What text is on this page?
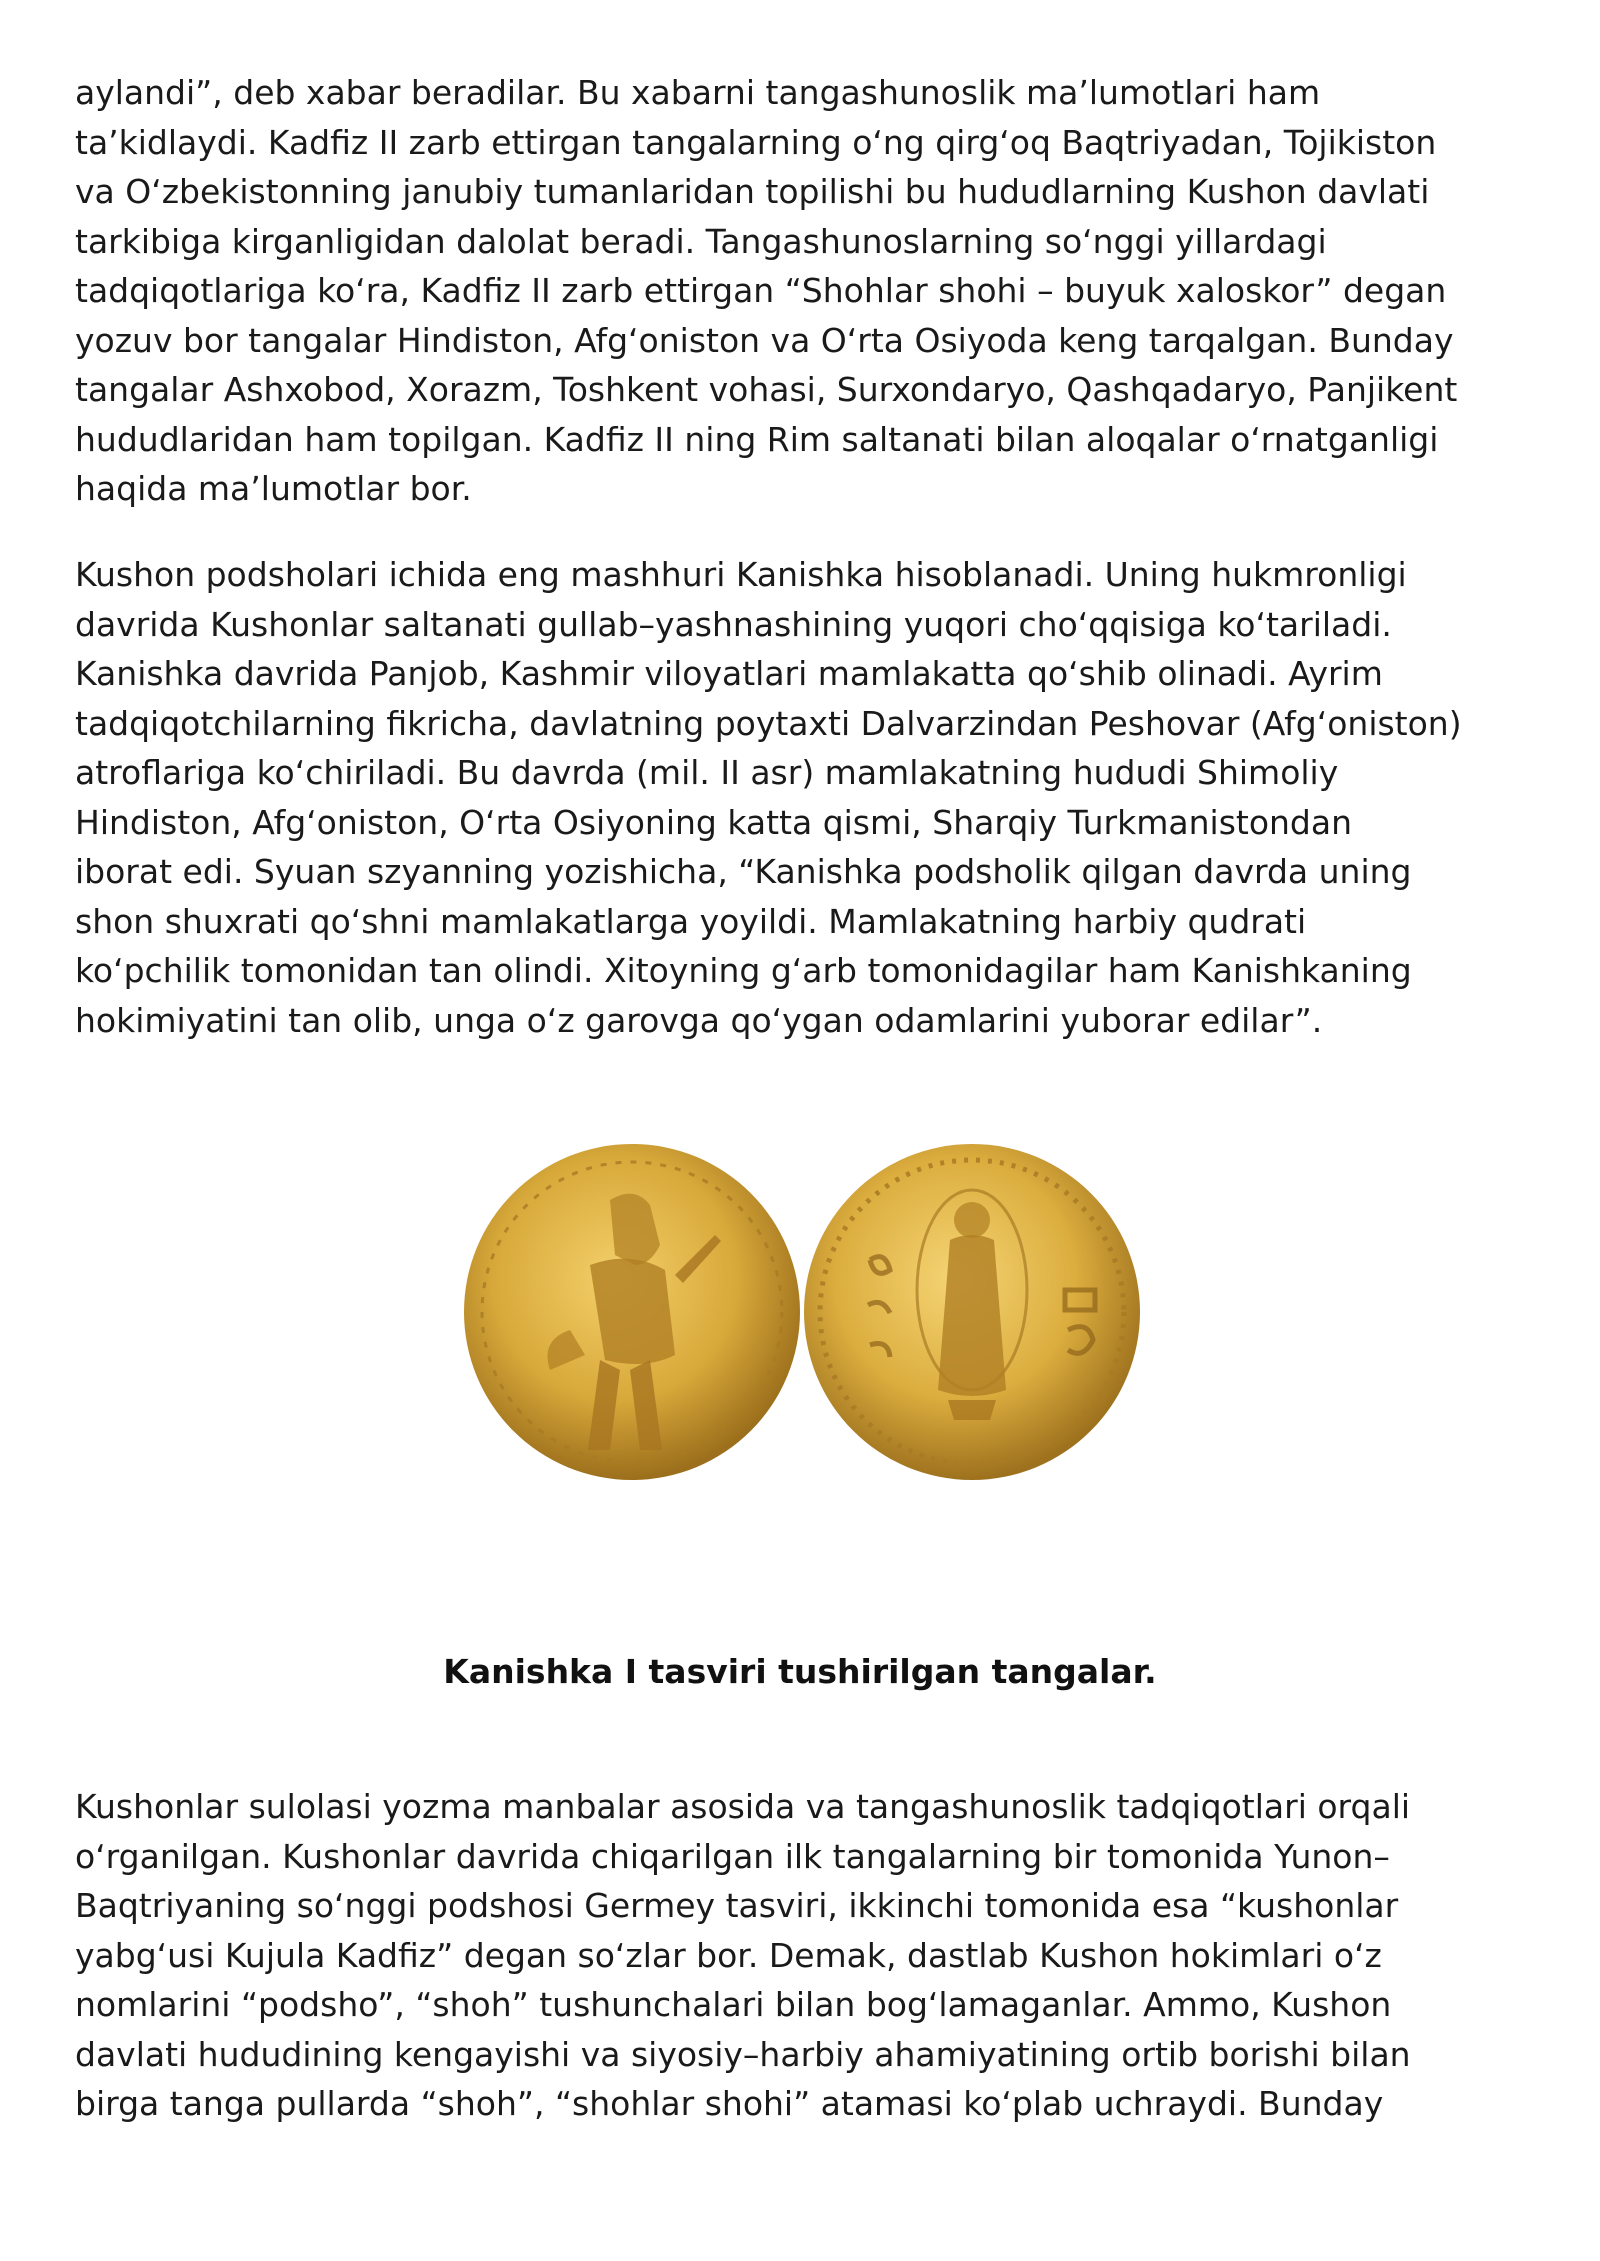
aylandi”, deb xabar beradilar. Bu xabarni tangashunoslik ma’lumotlari ham
ta’kidlaydi. Kadfiz II zarb ettirgan tangalarning oʻng qirgʻoq Baqtriyadan, Tojikiston
va Oʻzbekistonning janubiy tumanlaridan topilishi bu hududlarning Kushon davlati
tarkibiga kirganligidan dalolat beradi. Tangashunoslarning soʻnggi yillardagi
tadqiqotlariga koʻra, Kadfiz II zarb ettirgan “Shohlar shohi – buyuk xaloskor” degan
yozuv bor tangalar Hindiston, Afgʻoniston va Oʻrta Osiyoda keng tarqalgan. Bunday
tangalar Ashxobod, Xorazm, Toshkent vohasi, Surxondaryo, Qashqadaryo, Panjikent
hududlaridan ham topilgan. Kadfiz II ning Rim saltanati bilan aloqalar oʻrnatganligi
haqida ma’lumotlar bor.
Kushon podsholari ichida eng mashhuri Kanishka hisoblanadi. Uning hukmronligi
davrida Kushonlar saltanati gullab–yashnashining yuqori choʻqqisiga koʻtariladi.
Kanishka davrida Panjob, Kashmir viloyatlari mamlakatta qoʻshib olinadi. Ayrim
tadqiqotchilarning fikricha, davlatning poytaxti Dalvarzindan Peshovar (Afgʻoniston)
atroflariga koʻchiriladi. Bu davrda (mil. II asr) mamlakatning hududi Shimoliy
Hindiston, Afgʻoniston, Oʻrta Osiyoning katta qismi, Sharqiy Turkmanistondan
iborat edi. Syuan szyanning yozishicha, “Kanishka podsholik qilgan davrda uning
shon shuxrati qoʻshni mamlakatlarga yoyildi. Mamlakatning harbiy qudrati
koʻpchilik tomonidan tan olindi. Xitoyning gʻarb tomonidagilar ham Kanishkaning
hokimiyatini tan olib, unga oʻz garovga qoʻygan odamlarini yuborar edilar”.
Kanishka I tasviri tushirilgan tangalar.
Kushonlar sulolasi yozma manbalar asosida va tangashunoslik tadqiqotlari orqali
oʻrganilgan. Kushonlar davrida chiqarilgan ilk tangalarning bir tomonida Yunon–
Baqtriyaning soʻnggi podshosi Germey tasviri, ikkinchi tomonida esa “kushonlar
yabgʻusi Kujula Kadfiz” degan soʻzlar bor. Demak, dastlab Kushon hokimlari oʻz
nomlarini “podsho”, “shoh” tushunchalari bilan bogʻlamaganlar. Ammo, Kushon
davlati hududining kengayishi va siyosiy–harbiy ahamiyatining ortib borishi bilan
birga tanga pullarda “shoh”, “shohlar shohi” atamasi koʻplab uchraydi. Bunday
